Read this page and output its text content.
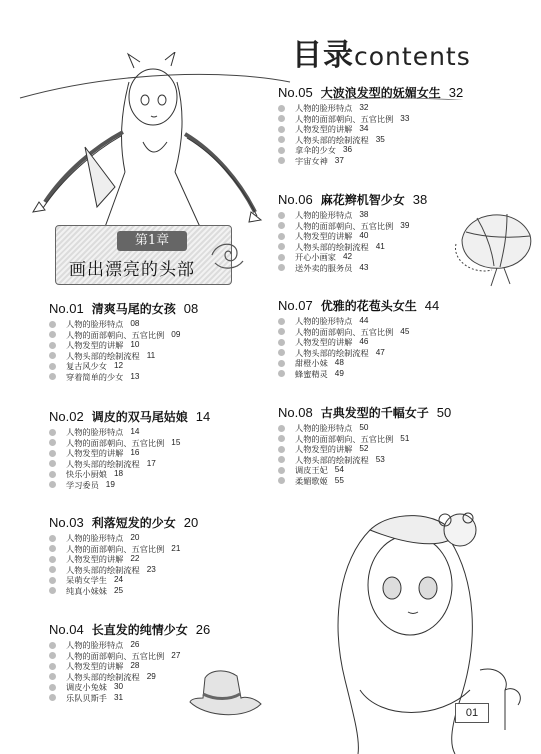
目录contents
第1章
画出漂亮的头部
No.01 清爽马尾的女孩 08
人物的脸形特点 08
人物的面部朝向、五官比例 09
人物发型的讲解 10
人物头部的绘制流程 11
复古风少女 12
穿着简单的少女 13
No.02 调皮的双马尾姑娘 14
人物的脸形特点 14
人物的面部朝向、五官比例 15
人物发型的讲解 16
人物头部的绘制流程 17
快乐小厨娘 18
学习委员 19
No.03 利落短发的少女 20
人物的脸形特点 20
人物的面部朝向、五官比例 21
人物发型的讲解 22
人物头部的绘制流程 23
呆萌女学生 24
纯真小妹妹 25
No.04 长直发的纯情少女 26
人物的脸形特点 26
人物的面部朝向、五官比例 27
人物发型的讲解 28
人物头部的绘制流程 29
调皮小兔妹 30
乐队贝斯手 31
No.05 大波浪发型的妩媚女生 32
人物的脸形特点 32
人物的面部朝向、五官比例 33
人物发型的讲解 34
人物头部的绘制流程 35
拿伞的少女 36
宇宙女神 37
No.06 麻花辫机智少女 38
人物的脸形特点 38
人物的面部朝向、五官比例 39
人物发型的讲解 40
人物头部的绘制流程 41
开心小画家 42
送外卖的服务员 43
No.07 优雅的花苞头女生 44
人物的脸形特点 44
人物的面部朝向、五官比例 45
人物发型的讲解 46
人物头部的绘制流程 47
甜橙小妹 48
蜂蜜精灵 49
No.08 古典发型的千幅女子 50
人物的脸形特点 50
人物的面部朝向、五官比例 51
人物发型的讲解 52
人物头部的绘制流程 53
调皮王妃 54
柔媚歌姬 55
01
